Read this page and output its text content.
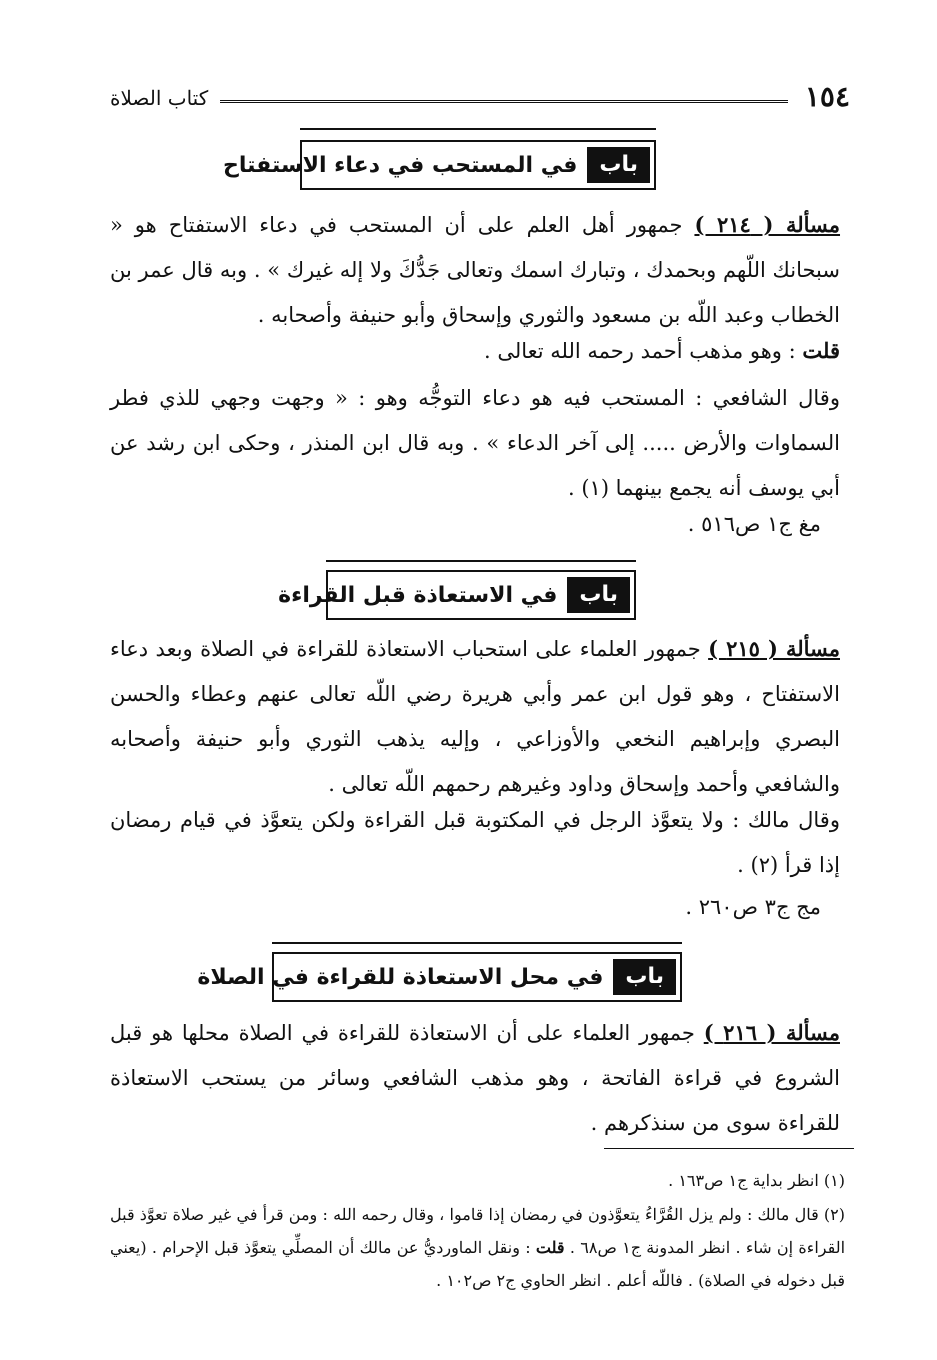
١٥٤
كتاب الصلاة
باب
في المستحب في دعاء الاستفتاح
مسألة ( ٢١٤ ) جمهور أهل العلم على أن المستحب في دعاء الاستفتاح هو « سبحانك اللّهم وبحمدك ، وتبارك اسمك وتعالى جَدُّكَ ولا إله غيرك » . وبه قال عمر بن الخطاب وعبد اللّه بن مسعود والثوري وإسحاق وأبو حنيفة وأصحابه .
قلت : وهو مذهب أحمد رحمه الله تعالى .
وقال الشافعي : المستحب فيه هو دعاء التوجُّه وهو : « وجهت وجهي للذي فطر السماوات والأرض ..... إلى آخر الدعاء » . وبه قال ابن المنذر ، وحكى ابن رشد عن أبي يوسف أنه يجمع بينهما (١) .
مغ ج١ ص٥١٦ .
باب
في الاستعاذة قبل القراءة
مسألة ( ٢١٥ ) جمهور العلماء على استحباب الاستعاذة للقراءة في الصلاة وبعد دعاء الاستفتاح ، وهو قول ابن عمر وأبي هريرة رضي اللّه تعالى عنهم وعطاء والحسن البصري وإبراهيم النخعي والأوزاعي ، وإليه يذهب الثوري وأبو حنيفة وأصحابه والشافعي وأحمد وإسحاق وداود وغيرهم رحمهم اللّه تعالى .
وقال مالك : ولا يتعوَّذ الرجل في المكتوبة قبل القراءة ولكن يتعوَّذ في قيام رمضان إذا قرأ (٢) .
مج ج٣ ص٢٦٠ .
باب
في محل الاستعاذة للقراءة في الصلاة
مسألة ( ٢١٦ ) جمهور العلماء على أن الاستعاذة للقراءة في الصلاة محلها هو قبل الشروع في قراءة الفاتحة ، وهو مذهب الشافعي وسائر من يستحب الاستعاذة للقراءة سوى من سنذكرهم .
(١) انظر بداية ج١ ص١٦٣ .
(٢) قال مالك : ولم يزل القُرَّاءُ يتعوَّذون في رمضان إذا قاموا ، وقال رحمه الله : ومن قرأ في غير صلاة تعوَّذ قبل القراءة إن شاء . انظر المدونة ج١ ص٦٨ . قلت : ونقل الماورديُّ عن مالك أن المصلِّي يتعوَّذ قبل الإحرام . (يعني قبل دخوله في الصلاة) . فاللّه أعلم . انظر الحاوي ج٢ ص١٠٢ .
